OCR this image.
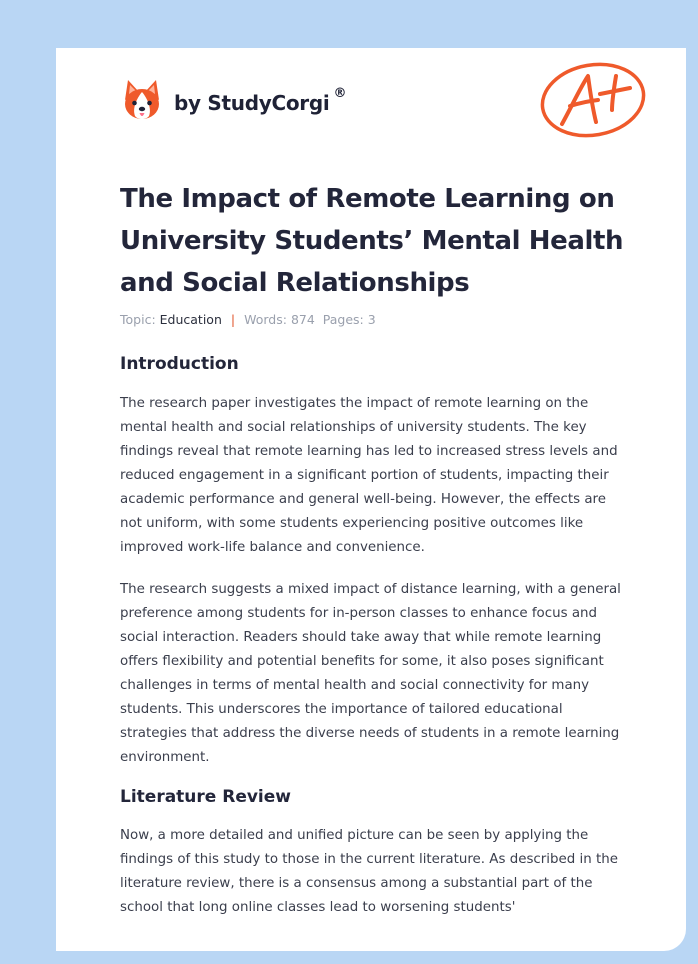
by StudyCorgi ®
The Impact of Remote Learning on University Students’ Mental Health and Social Relationships
Topic: Education | Words: 874 Pages: 3
Introduction

The research paper investigates the impact of remote learning on the mental health and social relationships of university students. The key findings reveal that remote learning has led to increased stress levels and reduced engagement in a significant portion of students, impacting their academic performance and general well-being. However, the effects are not uniform, with some students experiencing positive outcomes like improved work-life balance and convenience.

The research suggests a mixed impact of distance learning, with a general preference among students for in-person classes to enhance focus and social interaction. Readers should take away that while remote learning offers flexibility and potential benefits for some, it also poses significant challenges in terms of mental health and social connectivity for many students. This underscores the importance of tailored educational strategies that address the diverse needs of students in a remote learning environment.

Literature Review

Now, a more detailed and unified picture can be seen by applying the findings of this study to those in the current literature. As described in the literature review, there is a consensus among a substantial part of the school that long online classes lead to worsening students'
